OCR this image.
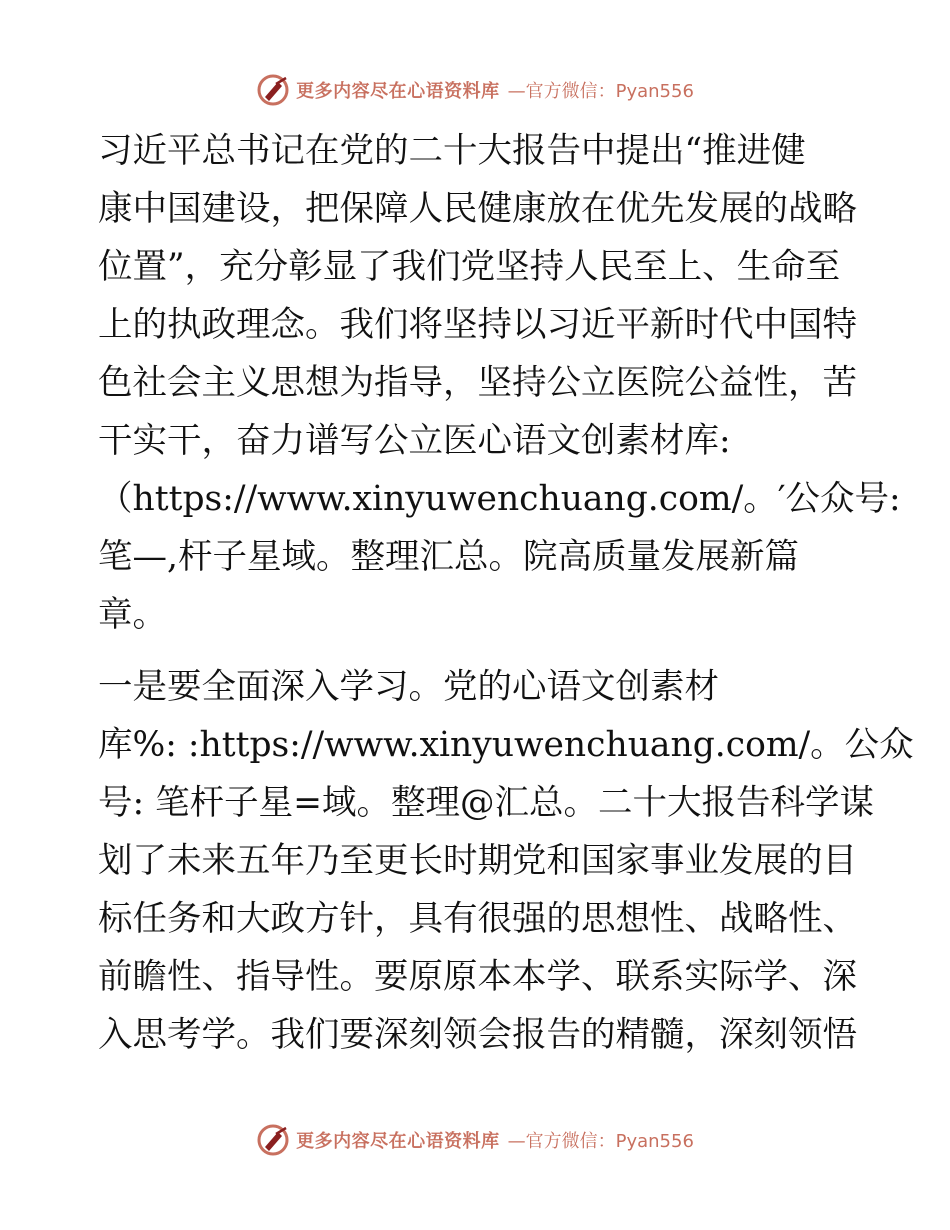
更多内容尽在心语资料库 —官方微信：Pyan556
习近平总书记在党的二十大报告中提出“推进健
康中国建设，把保障人民健康放在优先发展的战略
位置”，充分彰显了我们党坚持人民至上、生命至
上的执政理念。我们将坚持以习近平新时代中国特
色社会主义思想为指导，坚持公立医院公益性，苦
干实干，奋力谱写公立医心语文创素材库:
（https://www.xinyuwenchuang.com/。′公众号:
笔—,杆子星域。整理汇总。院高质量发展新篇
章。
一是要全面深入学习。党的心语文创素材
库%: :https://www.xinyuwenchuang.com/。公众
号: 笔杆子星=域。整理@汇总。二十大报告科学谋
划了未来五年乃至更长时期党和国家事业发展的目
标任务和大政方针，具有很强的思想性、战略性、
前瞻性、指导性。要原原本本学、联系实际学、深
入思考学。我们要深刻领会报告的精髓，深刻领悟
更多内容尽在心语资料库 —官方微信：Pyan556
